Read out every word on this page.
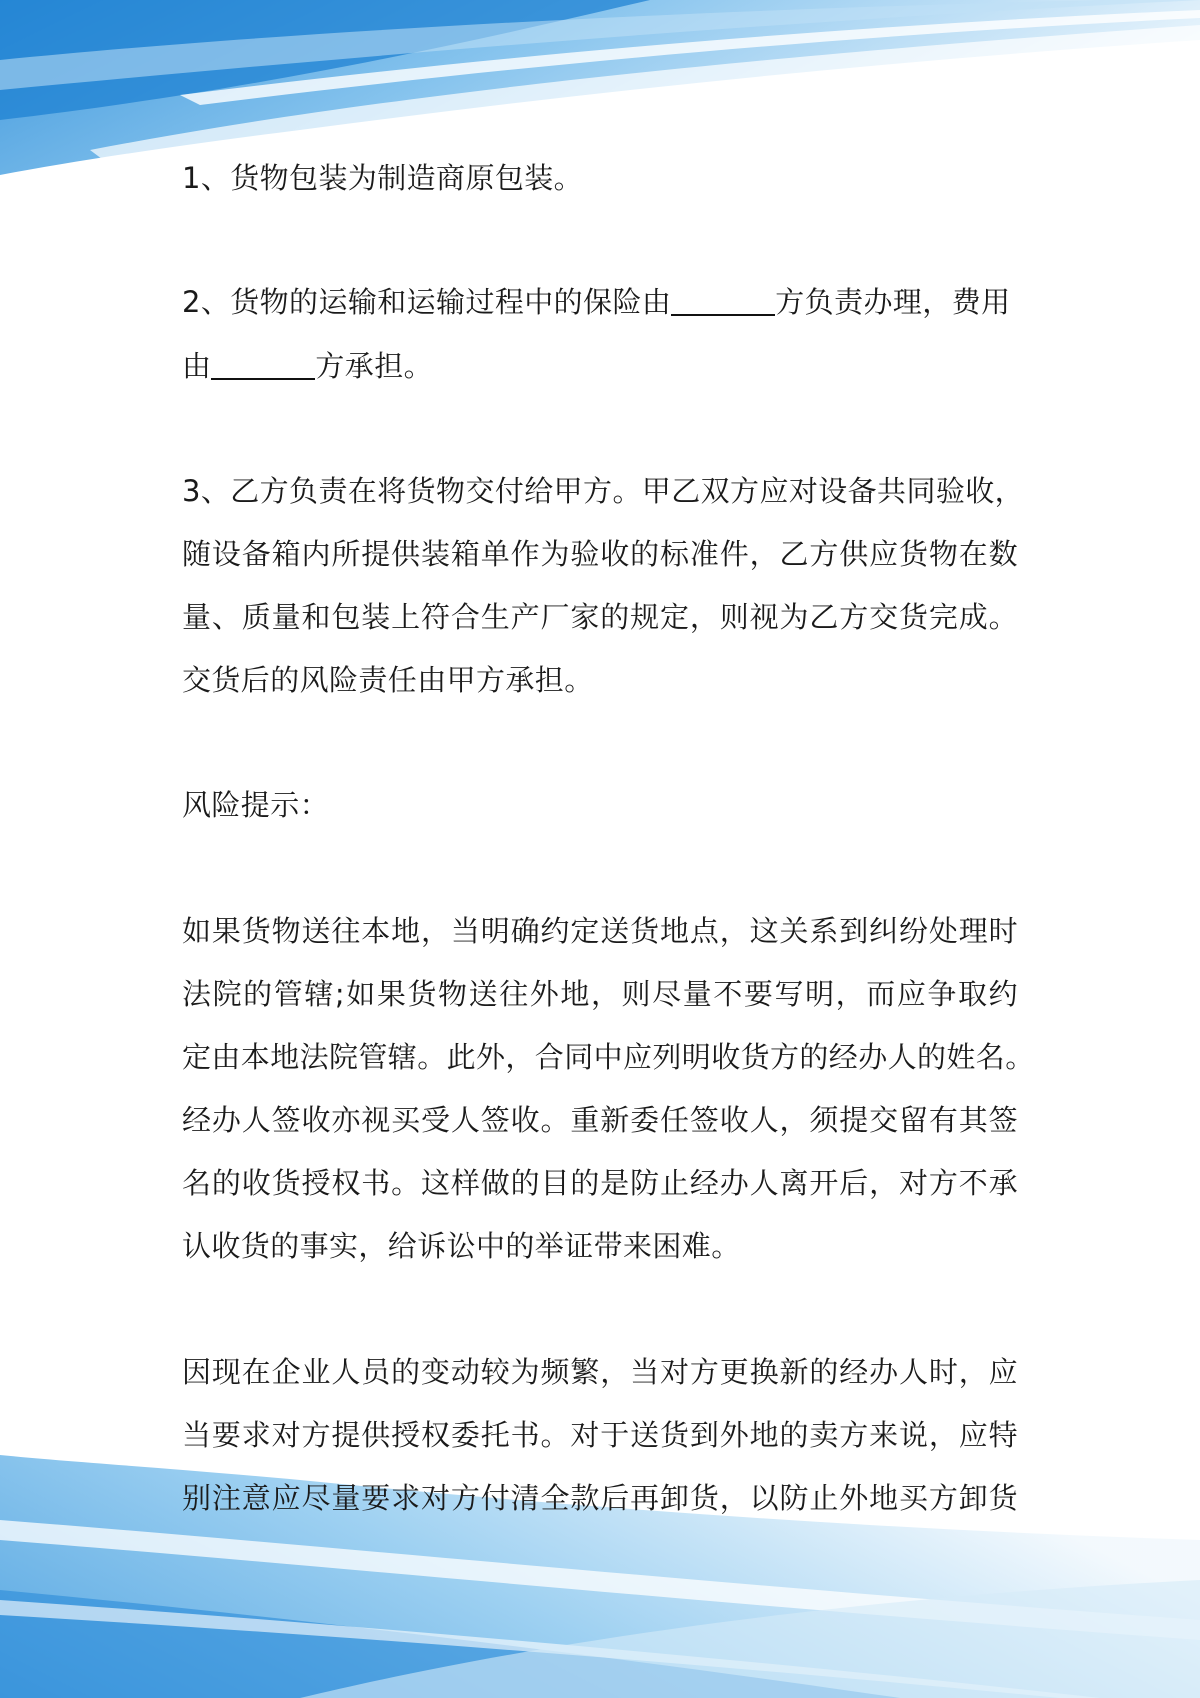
1、货物包装为制造商原包装。
2、货物的运输和运输过程中的保险由	方负责办理，费用
由	方承担。
3、乙方负责在将货物交付给甲方。甲乙双方应对设备共同验收，
随设备箱内所提供装箱单作为验收的标准件，乙方供应货物在数
量、质量和包装上符合生产厂家的规定，则视为乙方交货完成。
交货后的风险责任由甲方承担。
风险提示：
如果货物送往本地，当明确约定送货地点，这关系到纠纷处理时
法院的管辖;如果货物送往外地，则尽量不要写明，而应争取约
定由本地法院管辖。此外，合同中应列明收货方的经办人的姓名。
经办人签收亦视买受人签收。重新委任签收人，须提交留有其签
名的收货授权书。这样做的目的是防止经办人离开后，对方不承
认收货的事实，给诉讼中的举证带来困难。
因现在企业人员的变动较为频繁，当对方更换新的经办人时，应
当要求对方提供授权委托书。对于送货到外地的卖方来说，应特
别注意应尽量要求对方付清全款后再卸货，以防止外地买方卸货
